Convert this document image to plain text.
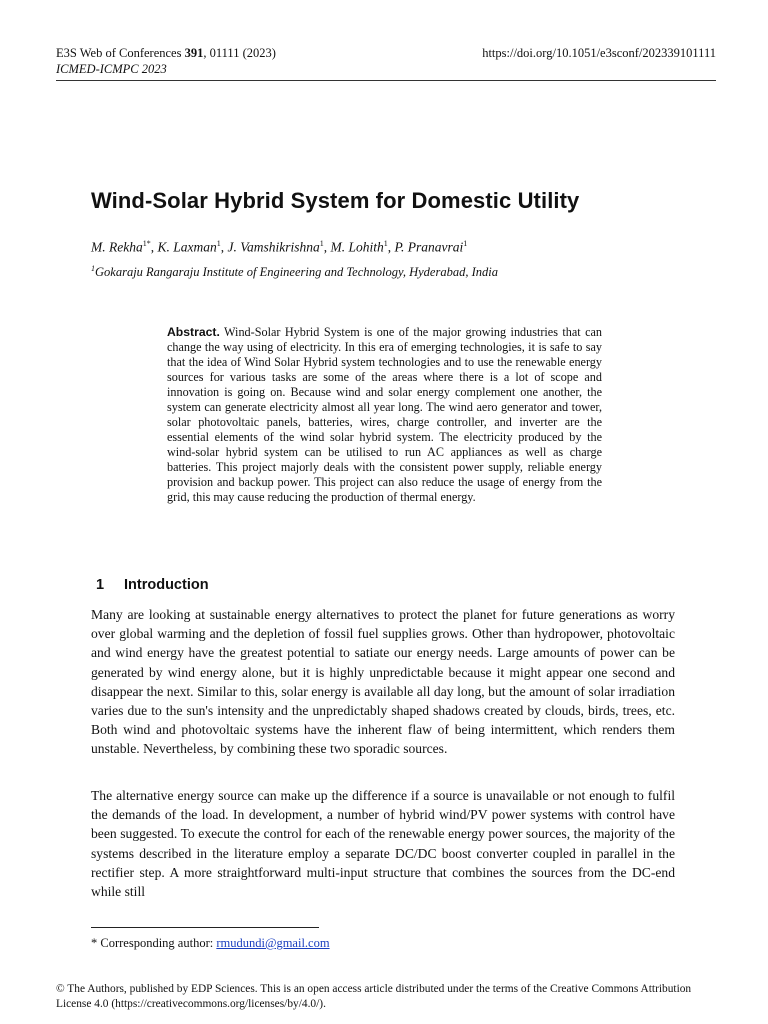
E3S Web of Conferences 391, 01111 (2023)
ICMED-ICMPC 2023
https://doi.org/10.1051/e3sconf/202339101111
Wind-Solar Hybrid System for Domestic Utility
M. Rekha$^{1*}$, K. Laxman$^1$, J. Vamshikrishna$^1$, M. Lohith$^1$, P. Pranavrai$^1$
$^1$Gokaraju Rangaraju Institute of Engineering and Technology, Hyderabad, India
Abstract. Wind-Solar Hybrid System is one of the major growing industries that can change the way using of electricity. In this era of emerging technologies, it is safe to say that the idea of Wind Solar Hybrid system technologies and to use the renewable energy sources for various tasks are some of the areas where there is a lot of scope and innovation is going on. Because wind and solar energy complement one another, the system can generate electricity almost all year long. The wind aero generator and tower, solar photovoltaic panels, batteries, wires, charge controller, and inverter are the essential elements of the wind solar hybrid system. The electricity produced by the wind-solar hybrid system can be utilised to run AC appliances as well as charge batteries. This project majorly deals with the consistent power supply, reliable energy provision and backup power. This project can also reduce the usage of energy from the grid, this may cause reducing the production of thermal energy.
1 Introduction
Many are looking at sustainable energy alternatives to protect the planet for future generations as worry over global warming and the depletion of fossil fuel supplies grows. Other than hydropower, photovoltaic and wind energy have the greatest potential to satiate our energy needs. Large amounts of power can be generated by wind energy alone, but it is highly unpredictable because it might appear one second and disappear the next. Similar to this, solar energy is available all day long, but the amount of solar irradiation varies due to the sun's intensity and the unpredictably shaped shadows created by clouds, birds, trees, etc. Both wind and photovoltaic systems have the inherent flaw of being intermittent, which renders them unstable. Nevertheless, by combining these two sporadic sources.
The alternative energy source can make up the difference if a source is unavailable or not enough to fulfil the demands of the load. In development, a number of hybrid wind/PV power systems with control have been suggested. To execute the control for each of the renewable energy power sources, the majority of the systems described in the literature employ a separate DC/DC boost converter coupled in parallel in the rectifier step. A more straightforward multi-input structure that combines the sources from the DC-end while still
* Corresponding author: rmudundi@gmail.com
© The Authors, published by EDP Sciences. This is an open access article distributed under the terms of the Creative Commons Attribution License 4.0 (https://creativecommons.org/licenses/by/4.0/).
